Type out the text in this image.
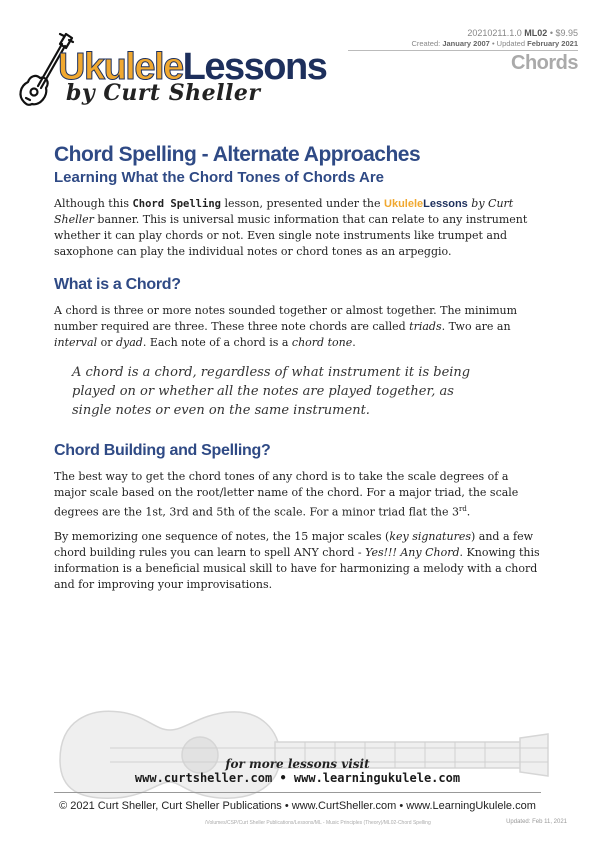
UkuleleLessons
by Curt Sheller
20210211.1.0 ML02 • $9.95
Created: January 2007 • Updated February 2021
Chords
Chord Spelling - Alternate Approaches
Learning What the Chord Tones of Chords Are

Although this Chord Spelling lesson, presented under the UkuleleLessons by Curt Sheller banner. This is universal music information that can relate to any instrument whether it can play chords or not. Even single note instruments like trumpet and saxophone can play the individual notes or chord tones as an arpeggio.

What is a Chord?

A chord is three or more notes sounded together or almost together. The minimum number required are three. These three note chords are called triads. Two are an interval or dyad. Each note of a chord is a chord tone.

A chord is a chord, regardless of what instrument it is being played on or whether all the notes are played together, as single notes or even on the same instrument.
Chord Building and Spelling?

The best way to get the chord tones of any chord is to take the scale degrees of a major scale based on the root/letter name of the chord. For a major triad, the scale degrees are the 1st, 3rd and 5th of the scale. For a minor triad flat the 3rd.

By memorizing one sequence of notes, the 15 major scales (key signatures) and a few chord building rules you can learn to spell ANY chord - Yes!!! Any Chord. Knowing this information is a beneficial musical skill to have for harmonizing a melody with a chord and for improving your improvisations.

for more lessons visit
www.curtsheller.com • www.learningukulele.com
© 2021 Curt Sheller, Curt Sheller Publications • www.CurtSheller.com • www.LearningUkulele.com
/Volumes/CSP/Curt Sheller Publications/Lessons/ML - Music Principles (Theory)/ML02-Chord Spelling	Updated: Feb 11, 2021
